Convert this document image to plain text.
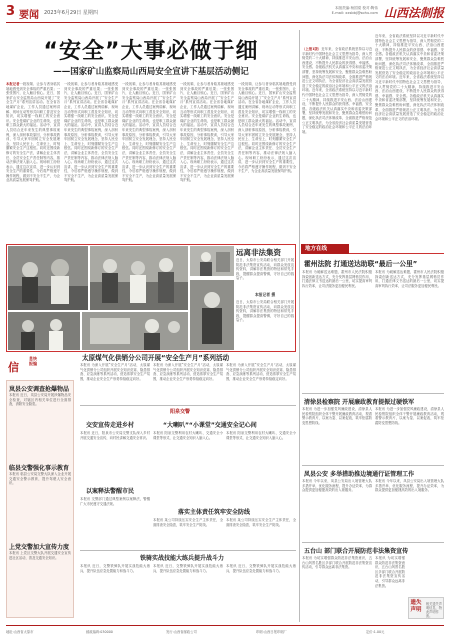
3 要闻 2023年6月29日 星期四
本版责编:杨国梁 校对:陶伟
E-mail: xxsbbj@sohu.com 山西法制报
“安全”大事必做于细
——国家矿山监察局山西局安全宣讲下基层活动侧记
本报记者一段视频、让参与者身临其境地感受到安全事故的严重后果；一张张图片，让人触目惊心。近日，国家矿山安全监察局山西局开展了“安全生产月”系列宣讲活动。在全省各地煤矿企业，工作人员通过案例讲解、现场互动等形式向职工普及安全知识，切实增强一线职工的安全意识。安全是煤矿企业的生命线，也是职工群众最大的福祉。活动中，宣讲人员结合近年来发生的典型事故案例，深入剖析事故原因，分析事故教训，引导大家牢固树立安全发展理念，坚持人民至上、生命至上，时刻绷紧安全生产这根弦。同时还围绕新修订的安全生产法，讲解企业主体责任、全员安全生产责任制等内容，推动法律法规入脑入心。现场职工纷纷表示，通过这次宣讲，进一步认识到安全生产的重要性，今后将严格遵守操作规程，做到不安全不生产，为企业高质量发展保驾护航。
一段视频、让参与者身临其境地感受到安全事故的严重后果；一张张图片，让人触目惊心。近日，国家矿山安全监察局山西局开展了“安全生产月”系列宣讲活动。在全省各地煤矿企业，工作人员通过案例讲解、现场互动等形式向职工普及安全知识，切实增强一线职工的安全意识。安全是煤矿企业的生命线，也是职工群众最大的福祉。活动中，宣讲人员结合近年来发生的典型事故案例，深入剖析事故原因，分析事故教训，引导大家牢固树立安全发展理念，坚持人民至上、生命至上，时刻绷紧安全生产这根弦。同时还围绕新修订的安全生产法，讲解企业主体责任、全员安全生产责任制等内容，推动法律法规入脑入心。现场职工纷纷表示，通过这次宣讲，进一步认识到安全生产的重要性，今后将严格遵守操作规程，做到不安全不生产，为企业高质量发展保驾护航。
一段视频、让参与者身临其境地感受到安全事故的严重后果；一张张图片，让人触目惊心。近日，国家矿山安全监察局山西局开展了“安全生产月”系列宣讲活动。在全省各地煤矿企业，工作人员通过案例讲解、现场互动等形式向职工普及安全知识，切实增强一线职工的安全意识。安全是煤矿企业的生命线，也是职工群众最大的福祉。活动中，宣讲人员结合近年来发生的典型事故案例，深入剖析事故原因，分析事故教训，引导大家牢固树立安全发展理念，坚持人民至上、生命至上，时刻绷紧安全生产这根弦。同时还围绕新修订的安全生产法，讲解企业主体责任、全员安全生产责任制等内容，推动法律法规入脑入心。现场职工纷纷表示，通过这次宣讲，进一步认识到安全生产的重要性，今后将严格遵守操作规程，做到不安全不生产，为企业高质量发展保驾护航。
一段视频、让参与者身临其境地感受到安全事故的严重后果；一张张图片，让人触目惊心。近日，国家矿山安全监察局山西局开展了“安全生产月”系列宣讲活动。在全省各地煤矿企业，工作人员通过案例讲解、现场互动等形式向职工普及安全知识，切实增强一线职工的安全意识。安全是煤矿企业的生命线，也是职工群众最大的福祉。活动中，宣讲人员结合近年来发生的典型事故案例，深入剖析事故原因，分析事故教训，引导大家牢固树立安全发展理念，坚持人民至上、生命至上，时刻绷紧安全生产这根弦。同时还围绕新修订的安全生产法，讲解企业主体责任、全员安全生产责任制等内容，推动法律法规入脑入心。现场职工纷纷表示，通过这次宣讲，进一步认识到安全生产的重要性，今后将严格遵守操作规程，做到不安全不生产，为企业高质量发展保驾护航。
一段视频、让参与者身临其境地感受到安全事故的严重后果；一张张图片，让人触目惊心。近日，国家矿山安全监察局山西局开展了“安全生产月”系列宣讲活动。在全省各地煤矿企业，工作人员通过案例讲解、现场互动等形式向职工普及安全知识，切实增强一线职工的安全意识。安全是煤矿企业的生命线，也是职工群众最大的福祉。活动中，宣讲人员结合近年来发生的典型事故案例，深入剖析事故原因，分析事故教训，引导大家牢固树立安全发展理念，坚持人民至上、生命至上，时刻绷紧安全生产这根弦。同时还围绕新修订的安全生产法，讲解企业主体责任、全员安全生产责任制等内容，推动法律法规入脑入心。现场职工纷纷表示，通过这次宣讲，进一步认识到安全生产的重要性，今后将严格遵守操作规程，做到不安全不生产，为企业高质量发展保驾护航。
（上接1版）近年来，全省政法系统坚持以习近平新时代中国特色社会主义思想为指导，深入贯彻党的二十大精神，持续推进平安山西、法治山西建设，不断提升人民群众的获得感、幸福感、安全感。各级政法机关认真落实中央和省委决策部署，坚持统筹发展和安全，聚焦群众急难愁盼问题，深化执法司法体制改革，全面推进严格规范公正文明执法，为全省经济社会高质量发展营造了安全稳定的政治社会环境和公平正义的法治环境。近年来，全省政法系统坚持以习近平新时代中国特色社会主义思想为指导，深入贯彻党的二十大精神，持续推进平安山西、法治山西建设，不断提升人民群众的获得感、幸福感、安全感。各级政法机关认真落实中央和省委决策部署，坚持统筹发展和安全，聚焦群众急难愁盼问题，深化执法司法体制改革，全面推进严格规范公正文明执法，为全省经济社会高质量发展营造了安全稳定的政治社会环境和公平正义的法治环境。
近年来，全省政法系统坚持以习近平新时代中国特色社会主义思想为指导，深入贯彻党的二十大精神，持续推进平安山西、法治山西建设，不断提升人民群众的获得感、幸福感、安全感。各级政法机关认真落实中央和省委决策部署，坚持统筹发展和安全，聚焦群众急难愁盼问题，深化执法司法体制改革，全面推进严格规范公正文明执法，为全省经济社会高质量发展营造了安全稳定的政治社会环境和公平正义的法治环境。近年来，全省政法系统坚持以习近平新时代中国特色社会主义思想为指导，深入贯彻党的二十大精神，持续推进平安山西、法治山西建设，不断提升人民群众的获得感、幸福感、安全感。各级政法机关认真落实中央和省委决策部署，坚持统筹发展和安全，聚焦群众急难愁盼问题，深化执法司法体制改革，全面推进严格规范公正文明执法，为全省经济社会高质量发展营造了安全稳定的政治社会环境和公平正义的法治环境。
远离非法集资
近日，太原市公安局联合相关部门开展防范非法集资宣传活动，向群众发放宣传资料，讲解非法集资的特征和常见手段，提醒群众提高警惕，守好自己的钱袋子。
本报记者 摄
近日，太原市公安局联合相关部门开展防范非法集资宣传活动，向群众发放宣传资料，讲解非法集资的特征和常见手段，提醒群众提高警惕，守好自己的钱袋子。
地方在线
霍州法院 打通送达助联“最后一公里”
本报讯 为破解送达难题，霍州市人民法院积极探索创新送达方式，充分发挥基层网格员作用，打通法律文书送达的最后一公里，切实提高审判执行效率，让司法服务更加便民利民。
本报讯 为破解送达难题，霍州市人民法院积极探索创新送达方式，充分发挥基层网格员作用，打通法律文书送达的最后一公里，切实提高审判执行效率，让司法服务更加便民利民。
清徐县检察院 开展廉政教育提振过硬铁军
本报讯 为进一步加强党风廉政建设，清徐县人民检察院组织全体干警开展廉政教育活动，观看警示教育片，以案为鉴、以案促改，筑牢拒腐防变思想防线。
本报讯 为进一步加强党风廉政建设，清徐县人民检察院组织全体干警开展廉政教育活动，观看警示教育片，以案为鉴、以案促改，筑牢拒腐防变思想防线。
凤县公安 多举措助推边境通行证管理工作
本报讯 今年以来，凤县公安局出入境管理大队多措并举，优化服务流程，提升办证效率，为群众提供更加便捷高效的出入境服务。
本报讯 今年以来，凤县公安局出入境管理大队多措并举，优化服务流程，提升办证效率，为群众提供更加便捷高效的出入境服务。
五台山 部门联合开展防范非法集资宣传
本报讯 为切实增强群众防范非法集资意识，五台山风景名胜区多部门联合开展防范非法集资宣传活动，引导群众远离非法集资。
本报讯 为切实增强群众防范非法集资意识，五台山风景名胜区多部门联合开展防范非法集资宣传活动，引导群众远离非法集资。
信
息快
报编
岚县公安调查抢爆物品
本报讯 近日，岚县公安局开展涉爆物品安全检查，对辖区内相关单位进行全面排查，消除安全隐患。
临县交警强化事示教育
本报讯 临县公安局交警大队深入企业开展交通安全警示教育，提升驾驶人安全意识。
上党交警加大宣传力度
本报讯 上党区交警大队开展交通安全宣传进社区活动，普及交通安全知识。
太原煤气化供销分公司开展“安全生产月”系列活动
本报讯 为深入开展“安全生产月”活动，太原煤气化供销分公司组织开展安全知识竞赛、隐患排查、应急演练等系列活动，营造浓厚安全生产氛围，推动企业安全生产形势持续稳定向好。
本报讯 为深入开展“安全生产月”活动，太原煤气化供销分公司组织开展安全知识竞赛、隐患排查、应急演练等系列活动，营造浓厚安全生产氛围，推动企业安全生产形势持续稳定向好。
本报讯 为深入开展“安全生产月”活动，太原煤气化供销分公司组织开展安全知识竞赛、隐患排查、应急演练等系列活动，营造浓厚安全生产氛围，推动企业安全生产形势持续稳定向好。
阳泉交警
交安宣传走进乡村
本报讯 近日，阳泉市公安局交警支队深入乡村开展交通安全宣传，向村民讲解交通安全常识。
以案释法警醒市民
本报讯 交警部门通过典型案例以案释法，警醒广大市民遵守交通法规。
“大喇叭”“小课堂”交通安全记心间
本报讯 阳泉交警利用农村大喇叭、交通安全小课堂等形式，让交通安全知识入脑入心。
本报讯 阳泉交警利用农村大喇叭、交通安全小课堂等形式，让交通安全知识入脑入心。
落实主体责任筑牢安全防线
本报讯 某公司持续压实安全生产主体责任，全面排查安全隐患，筑牢安全生产防线。
本报讯 某公司持续压实安全生产主体责任，全面排查安全隐患，筑牢安全生产防线。
铁骑实战技能大练兵提升战斗力
本报讯 近日，交警铁骑队开展实战技能大练兵，提升队伍应急处置能力和战斗力。
本报讯 近日，交警铁骑队开展实战技能大练兵，提升队伍应急处置能力和战斗力。
本报讯 近日，交警铁骑队开展实战技能大练兵，提升队伍应急处置能力和战斗力。
遗失
声明
相关遗失声明信息，特此声明作废。
地址:山西省太原市	邮政编码:030000	发行:山西省邮政公司	印刷:山西日报印刷厂	定价:1.00元
